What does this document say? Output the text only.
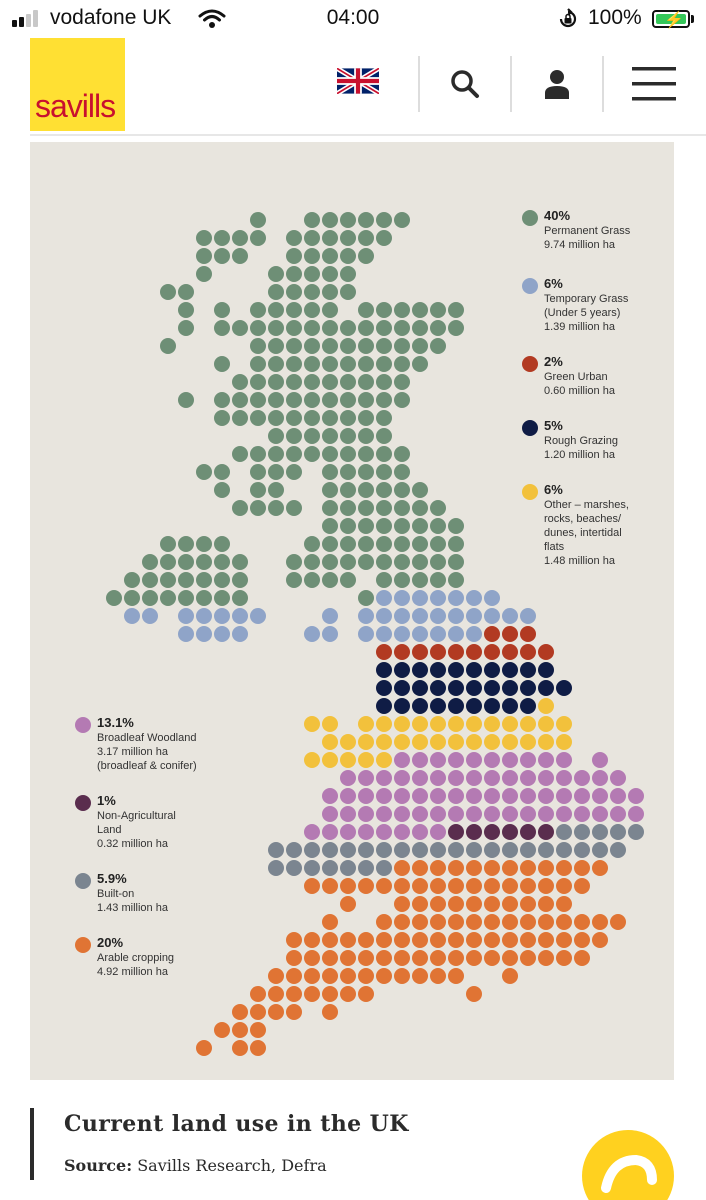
vodafone UK	04:00	100% ⚡
savills
40%
Permanent Grass
9.74 million ha
6%
Temporary Grass
(Under 5 years)
1.39 million ha
2%
Green Urban
0.60 million ha
5%
Rough Grazing
1.20 million ha
6%
Other – marshes,
rocks, beaches/
dunes, intertidal
flats
1.48 million ha
13.1%
Broadleaf Woodland
3.17 million ha
(broadleaf & conifer)
1%
Non-Agricultural
Land
0.32 million ha
5.9%
Built-on
1.43 million ha
20%
Arable cropping
4.92 million ha
Current land use in the UK
Source: Savills Research, Defra
